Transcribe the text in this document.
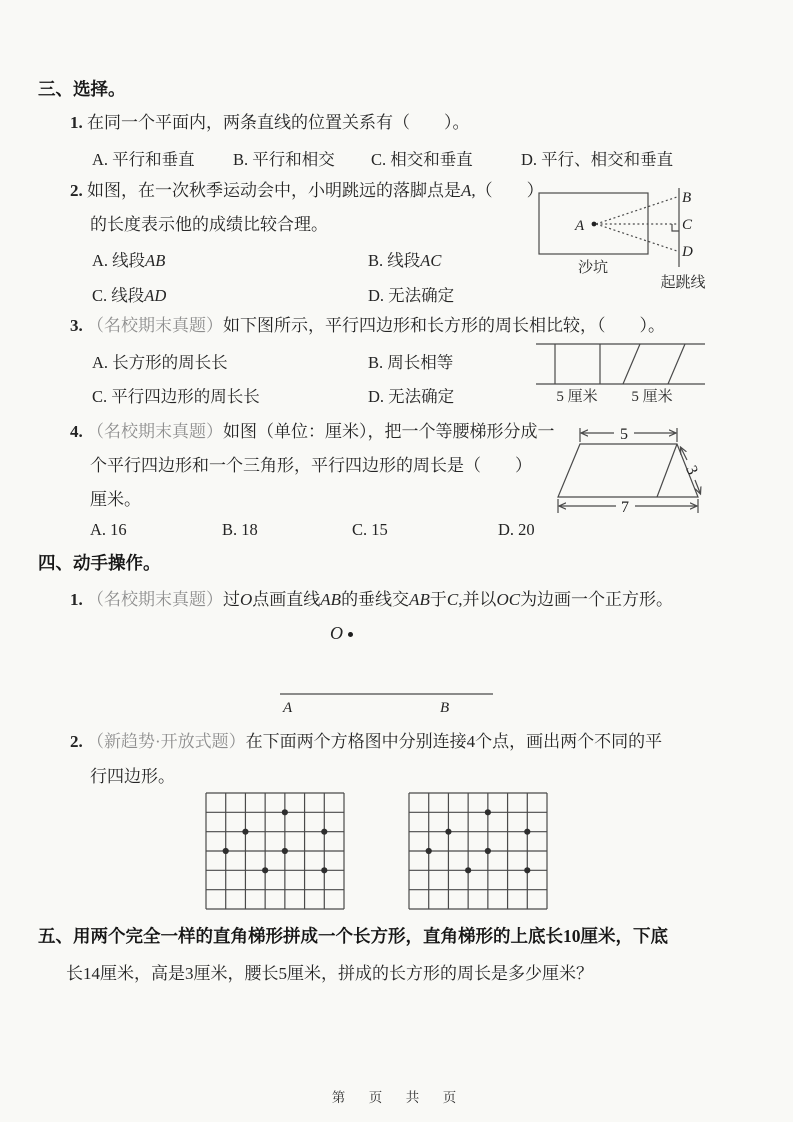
三、选择。
1. 在同一个平面内，两条直线的位置关系有（　　）。
A. 平行和垂直 B. 平行和相交 C. 相交和垂直	D. 平行、相交和垂直
2. 如图，在一次秋季运动会中，小明跳远的落脚点是A,（　　）
的长度表示他的成绩比较合理。
A. 线段AB	B. 线段AC
C. 线段AD	D. 无法确定
A
B
C
D
沙坑
起跳线
3. （名校期末真题）如下图所示，平行四边形和长方形的周长相比较，（　　）。
A. 长方形的周长长	B. 周长相等
C. 平行四边形的周长长	D. 无法确定	5 厘米 5 厘米
4. （名校期末真题）如图（单位：厘米），把一个等腰梯形分成一
个平行四边形和一个三角形，平行四边形的周长是（　　）
厘米。
A. 16	B. 18	C. 15	D. 20
5
3
7
四、动手操作。
1. （名校期末真题）过O点画直线AB的垂线交AB于C,并以OC为边画一个正方形。
O
A	B
2. （新趋势·开放式题）在下面两个方格图中分别连接4个点，画出两个不同的平
行四边形。
五、用两个完全一样的直角梯形拼成一个长方形，直角梯形的上底长10厘米，下底
长14厘米，高是3厘米，腰长5厘米，拼成的长方形的周长是多少厘米？
第　页　共　页
